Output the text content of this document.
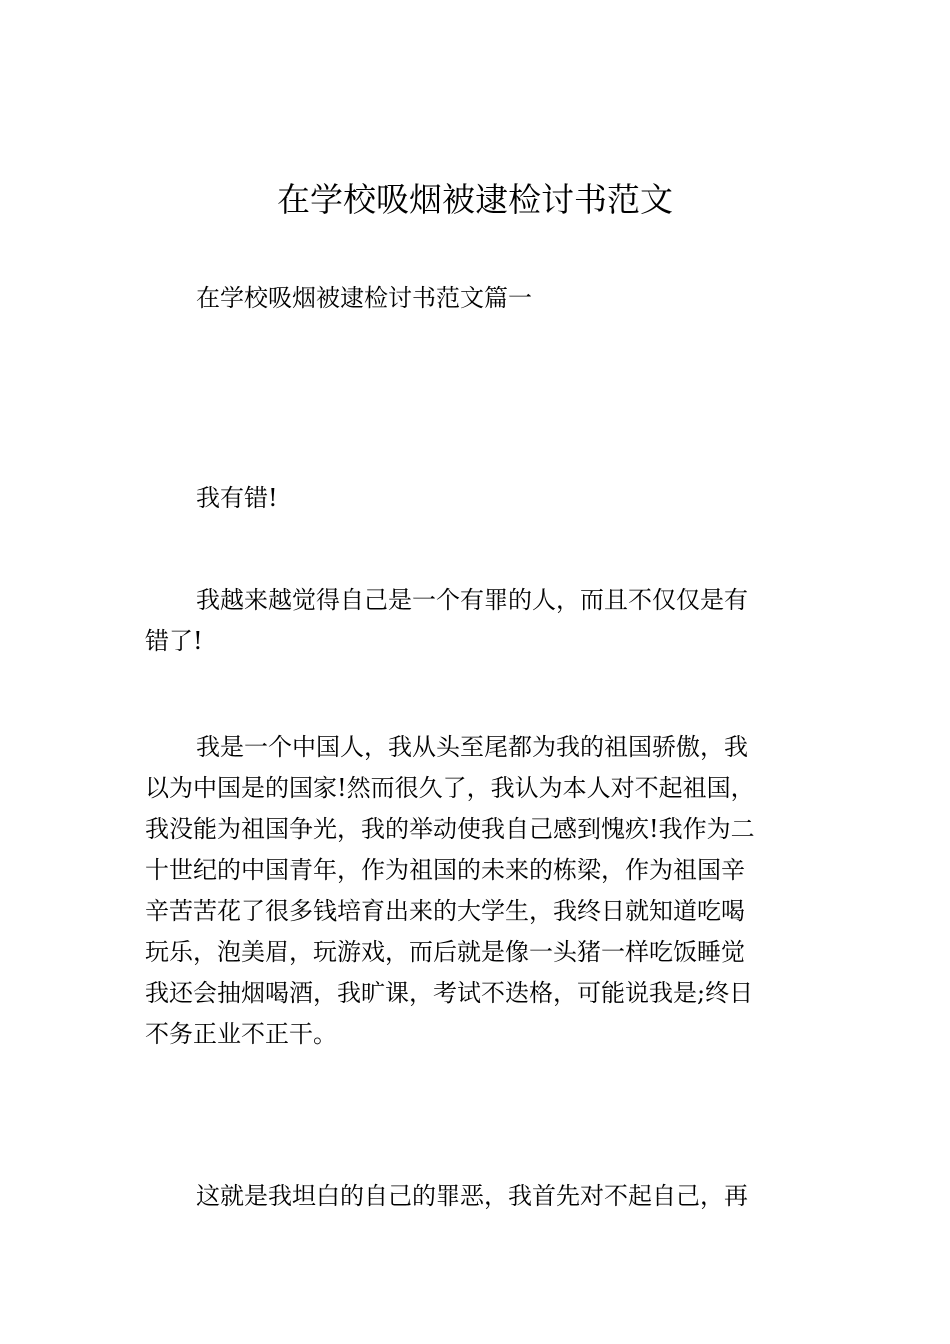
在学校吸烟被逮检讨书范文
在学校吸烟被逮检讨书范文篇一
我有错!
我越来越觉得自己是一个有罪的人，而且不仅仅是有
错了!
我是一个中国人，我从头至尾都为我的祖国骄傲，我
以为中国是的国家!然而很久了，我认为本人对不起祖国，
我没能为祖国争光，我的举动使我自己感到愧疚!我作为二
十世纪的中国青年，作为祖国的未来的栋梁，作为祖国辛
辛苦苦花了很多钱培育出来的大学生，我终日就知道吃喝
玩乐，泡美眉，玩游戏，而后就是像一头猪一样吃饭睡觉
我还会抽烟喝酒，我旷课，考试不迭格，可能说我是;终日
不务正业不正干。
这就是我坦白的自己的罪恶，我首先对不起自己，再
